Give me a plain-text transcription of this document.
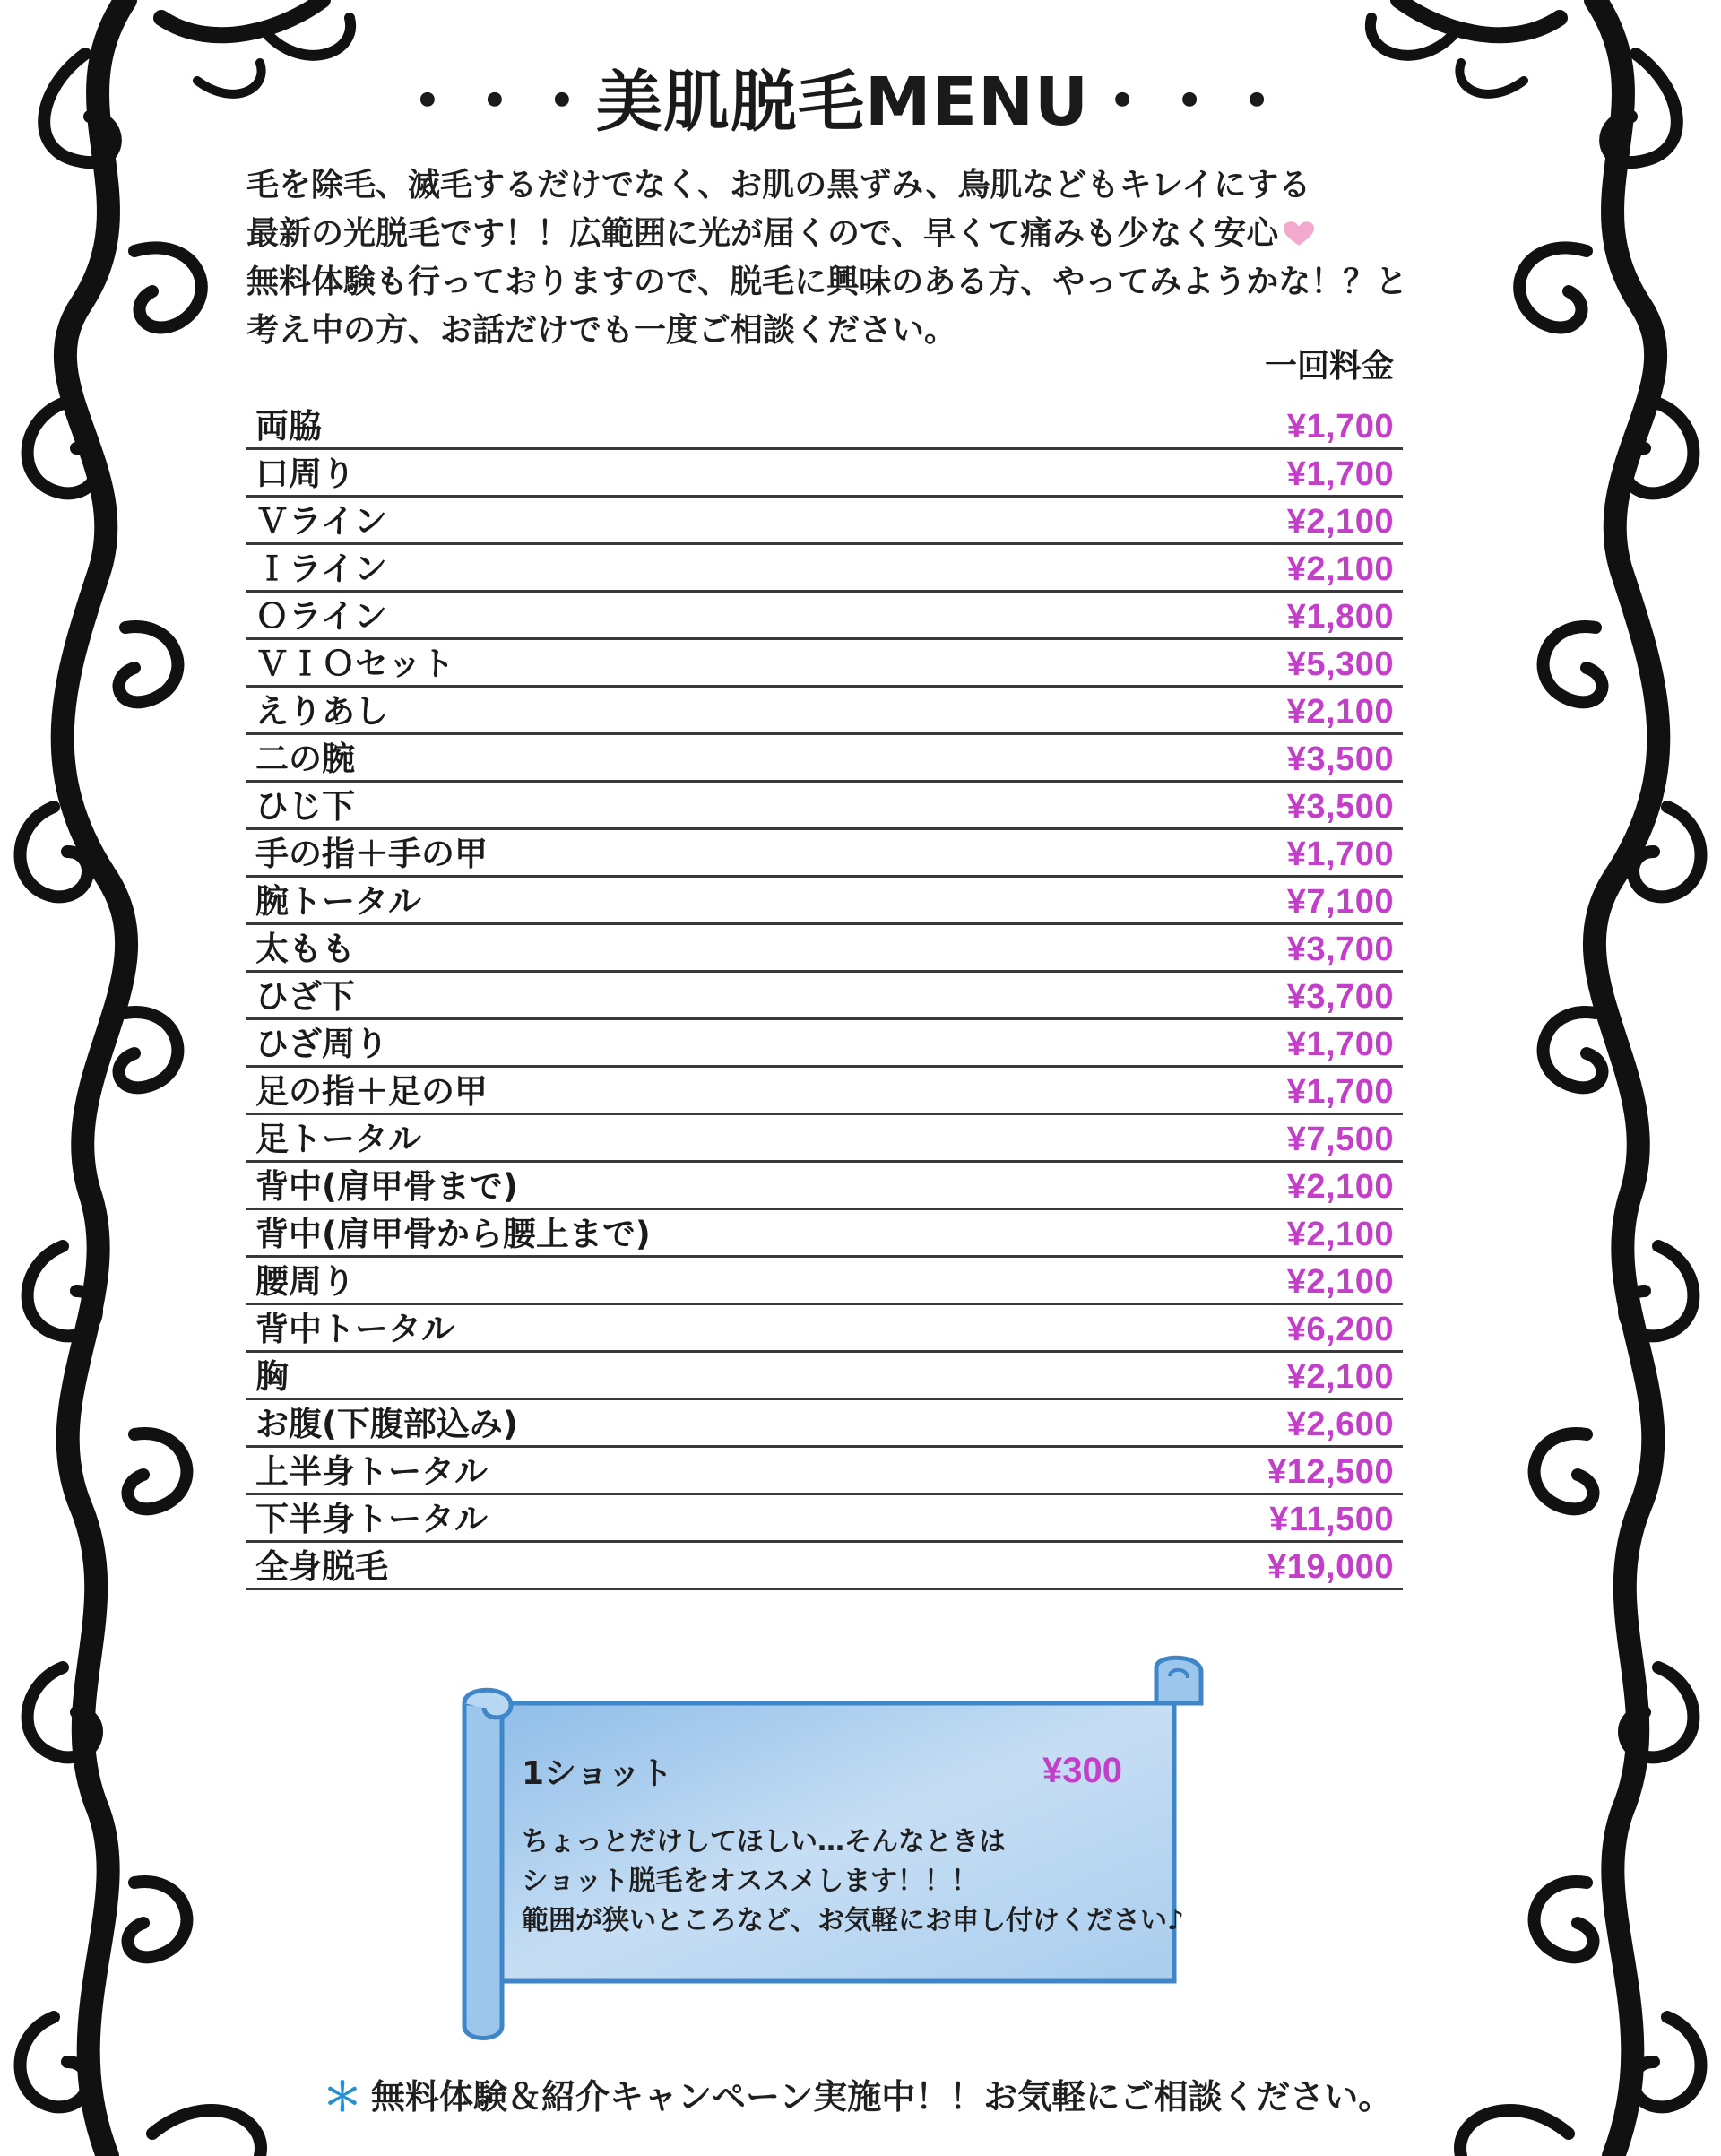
・・・美肌脱毛MENU・・・
毛を除毛、滅毛するだけでなく、お肌の黒ずみ、鳥肌などもキレイにする
最新の光脱毛です！！広範囲に光が届くので、早くて痛みも少なく安心
無料体験も行っておりますので、脱毛に興味のある方、やってみようかな！？と
考え中の方、お話だけでも一度ご相談ください。
一回料金
両脇	¥1,700
口周り	¥1,700
Ｖライン	¥2,100
Ｉライン	¥2,100
Ｏライン	¥1,800
ＶＩＯセット	¥5,300
えりあし	¥2,100
二の腕	¥3,500
ひじ下	¥3,500
手の指＋手の甲	¥1,700
腕トータル	¥7,100
太もも	¥3,700
ひざ下	¥3,700
ひざ周り	¥1,700
足の指＋足の甲	¥1,700
足トータル	¥7,500
背中(肩甲骨まで)	¥2,100
背中(肩甲骨から腰上まで)	¥2,100
腰周り	¥2,100
背中トータル	¥6,200
胸	¥2,100
お腹(下腹部込み)	¥2,600
上半身トータル	¥12,500
下半身トータル	¥11,500
全身脱毛	¥19,000
1ショット	¥300
ちょっとだけしてほしい…そんなときは
ショット脱毛をオススメします！！！
範囲が狭いところなど、お気軽にお申し付けください♪
＊ 無料体験＆紹介キャンペーン実施中！！お気軽にご相談ください。
